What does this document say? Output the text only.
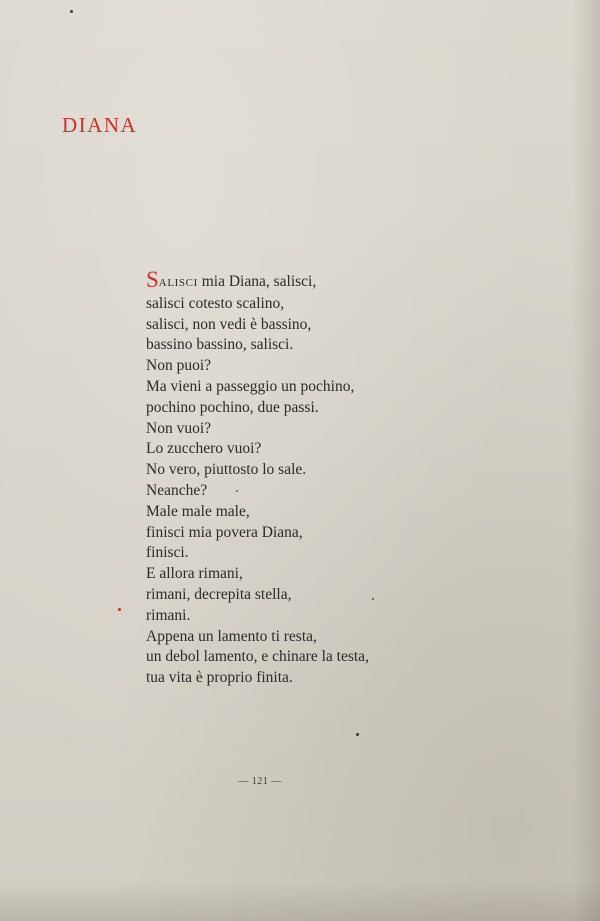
DIANA
SALISCI mia Diana, salisci,
salisci cotesto scalino,
salisci, non vedi è bassino,
bassino bassino, salisci.
Non puoi?
Ma vieni a passeggio un pochino,
pochino pochino, due passi.
Non vuoi?
Lo zucchero vuoi?
No vero, piuttosto lo sale.
Neanche?
Male male male,
finisci mia povera Diana,
finisci.
E allora rimani,
rimani, decrepita stella,
rimani.
Appena un lamento ti resta,
un debol lamento, e chinare la testa,
tua vita è proprio finita.
— 121 —
